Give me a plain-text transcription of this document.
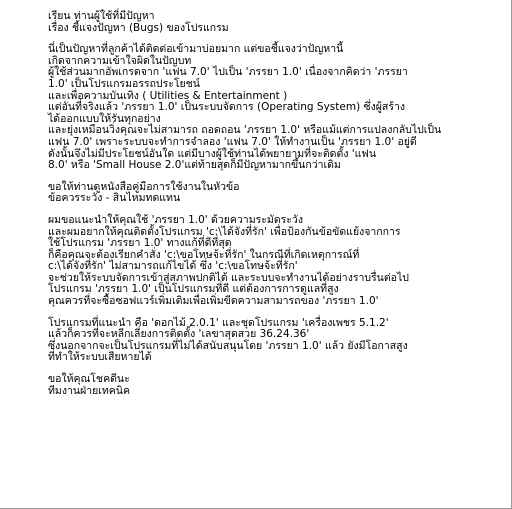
เรียน ท่านผู้ใช้ที่มีปัญหา
เรื่อง ชี้แจงปัญหา (Bugs) ของโปรแกรม
นี่เป็นปัญหาที่ลูกค้าได้ติดต่อเข้ามาบ่อยมาก แต่ขอชี้แจงว่าปัญหานี้
เกิดจากความเข้าใจผิดในปัญบท
ผู้ใช้ส่วนมากอัพเกรดจาก 'แฟน 7.0' ไปเป็น 'ภรรยา 1.0' เนื่องจากคิดว่า 'ภรรยา
1.0' เป็นโปรแกรมอรรถประโยชน์
และเพื่อความบันเทิง ( Utilities & Entertainment )
แต่อันที่จริงแล้ว 'ภรรยา 1.0' เป็นระบบจัดการ (Operating System) ซึ่งผู้สร้าง
ได้ออกแบบให้รันทุกอย่าง
และยุ่งเหมือนวิ่งคุณจะไม่สามารถ ถอดถอน 'ภรรยา 1.0' หรือแม้แต่การแปลงกลับไปเป็น
แฟน 7.0' เพราะระบบจะทำการจำลอง 'แฟน 7.0' ให้ทำงานเป็น 'ภรรยา 1.0' อยู่ดี
ดังนั้นจึงไม่มีประโยชน์อันใด แต่มีบางผู้ใช้ท่านได้พยายามที่จะติดตั้ง 'แฟน
8.0' หรือ 'Small House 2.0'แต่ท้ายสุดก็มีปัญหามากขึ้นกว่าเดิม
ขอให้ท่านดูหนังสือคู่มือการใช้งานในหัวข้อ
ข้อควรระวัง - สินไหมทดแทน
ผมขอแนะนำให้คุณใช้ 'ภรรยา 1.0' ด้วยความระมัดระวัง
และผมอยากให้คุณติดตั้งโปรแกรม 'c:\ได้จังที่รัก' เพื่อป้องกันข้อขัดแย้งจากการ
ใช้โปรแกรม 'ภรรยา 1.0' ทางแก้ที่ดีที่สุด
ก็คือคุณจะต้องเรียกคำสั่ง 'c:\ขอโทษจ้ะที่รัก' ในกรณีที่เกิดเหตุการณ์ที่
c:\ได้จังที่รัก' ไม่สามารถแก้ไขได้ ซึ่ง 'c:\ขอโทษจ้ะที่รัก'
จะช่วยให้ระบบจัดการเข้าสู่สภาพปกติได้ และระบบจะทำงานได้อย่างราบรื่นต่อไป
โปรแกรม 'ภรรยา 1.0' เป็นโปรแกรมที่ดี แต่ต้องการการดูแลที่สูง
คุณควรที่จะซื้อซอฟแวร์เพิ่มเติมเพื่อเพิ่มขีดความสามารถของ 'ภรรยา 1.0'
โปรแกรมที่แนะนำ คือ 'ดอกไม้ 2.0.1' และชุดโปรแกรม 'เครื่องเพชร 5.1.2'
แล้วก็ควรที่จะหลีกเลี่ยงการติดตั้ง 'เลขาสุดสวย 36.24.36'
ซึ่งนอกจากจะเป็นโปรแกรมที่ไม่ได้สนับสนุนโดย 'ภรรยา 1.0' แล้ว ยังมีโอกาสสูง
ที่ทำให้ระบบเสียหายได้
ขอให้คุณโชคดีนะ
ทีมงานฝ่ายเทคนิค
